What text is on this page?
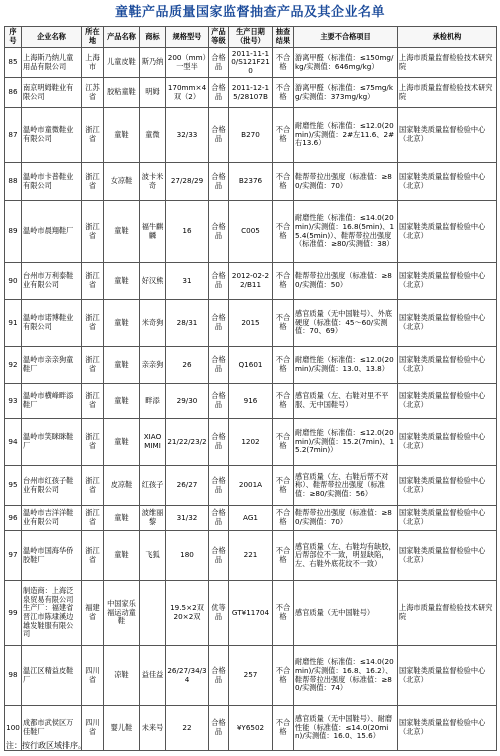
童鞋产品质量国家监督抽查产品及其企业名单
序号	企业名称	所在地	产品名称	商标	规格型号	产品等级	生产日期（批号）	抽查结果	主要不合格项目	承检机构
85	上海斯乃纳儿童用品有限公司	上海市	儿童皮鞋	斯乃纳	200（mm）一型半	合格品	2011-11-10/S121F210	不合格	游离甲醛（标准值：≤150mg/kg/实测值：646mg/kg）	上海市质量监督检验技术研究院
86	南京明姆鞋业有限公司	江苏省	胶粘童鞋	明姆	170mm×4双（2）	合格品	2011-12-15/28107B	不合格	游离甲醛（标准值：≤75mg/kg/实测值：373mg/kg）	上海市质量监督检验技术研究院
87	温岭市童微鞋业有限公司	浙江省	童鞋	童微	32/33	合格品	B270	不合格	耐磨性能（标准值：≤12.0(20min)/实测值：2#左11.6、2#右13.6）	国家鞋类质量监督检验中心（北京）
88	温岭市卡普鞋业有限公司	浙江省	女凉鞋	波卡米奇	27/28/29	合格品	B2376	不合格	鞋帮带拉出强度（标准值：≥80/实测值：70）	国家鞋类质量监督检验中心（北京）
89	温岭市晨翔鞋厂	浙江省	童鞋	福牛麒麟	16	合格品	C005	不合格	耐磨性能（标准值：≤14.0(20min)/实测值：16.8(5min)、15.4(5min)）、鞋帮带拉出强度（标准值：≥80/实测值：38）	国家鞋类质量监督检验中心（北京）
90	台州市万利泰鞋业有限公司	浙江省	童鞋	好汉熊	31	合格品	2012-02-22/B11	不合格	鞋帮带拉出强度（标准值：≥80/实测值：50）	国家鞋类质量监督检验中心（北京）
91	温岭市诺博鞋业有限公司	浙江省	童鞋	米奇狗	28/31	合格品	2015	不合格	感官质量（无中国鞋号）、外底硬度（标准值：45～60/实测值：70、69）	国家鞋类质量监督检验中心（北京）
92	温岭市亲亲狗童鞋厂	浙江省	童鞋	亲亲狗	26	合格品	Q1601	不合格	耐磨性能（标准值：≤12.0(20min)/实测值：13.0、13.8）	国家鞋类质量监督检验中心（北京）
93	温岭市横峰畔添鞋厂	浙江省	童鞋	畔添	29/30	合格品	916	不合格	感官质量（左、右鞋对里不平服、无中国鞋号）	国家鞋类质量监督检验中心（北京）
94	温岭市笑眯眯鞋厂	浙江省	童鞋	XIAO MIMI	21/22/23/2	合格品	1202	不合格	耐磨性能（标准值：≤12.0(20min)/实测值：15.2(7min)、15.2(7min)）	国家鞋类质量监督检验中心（北京）
95	台州市红孩子鞋业有限公司	浙江省	皮凉鞋	红孩子	26/27	合格品	2001A	不合格	感官质量（左、右鞋后帮不对称）、鞋帮带拉出强度（标准值：≥80/实测值：56）	国家鞋类质量监督检验中心（北京）
96	温岭市吉洋洋鞋业有限公司	浙江省	童鞋	波维丽黎	31/32	合格品	AG1	不合格	鞋帮带拉出强度（标准值：≥80/实测值：70）	国家鞋类质量监督检验中心（北京）
97	温岭市国海华侨胶鞋厂	浙江省	童鞋	飞狐	180	合格品	221	不合格	感官质量（左、右鞋均有缺胶，后帮部位不一致，明显缺陷，左、右鞋外底花纹不一致）	国家鞋类质量监督检验中心（北京）
99	制造商：上海泛泉贸易有限公司 生产厂：福建省晋江市陈埭溪边雄发鞋服有限公司	福建省	中国家乐福运动童鞋		19.5×2双 20×2双	优等品	GT¥11704	不合格	感官质量（无中国鞋号）	上海市质量监督检验技术研究院
98	温江区精益皮鞋厂	四川省	凉鞋	益佳益	26/27/34/34	合格品	257	不合格	耐磨性能（标准值：≤14.0(20min)/实测值：16.8、16.2）、鞋帮带拉出强度（标准值：≥80/实测值：74）	国家鞋类质量监督检验中心（北京）
100	成都市武侯区万佳鞋厂	四川省	婴儿鞋	未来号	22	合格品	¥Y6502	不合格	感官质量（无中国鞋号）、耐磨性能（标准值：≤14.0(20min)/实测值：16.0、15.6）	国家鞋类质量监督检验中心（北京）
注：按行政区域排序。
